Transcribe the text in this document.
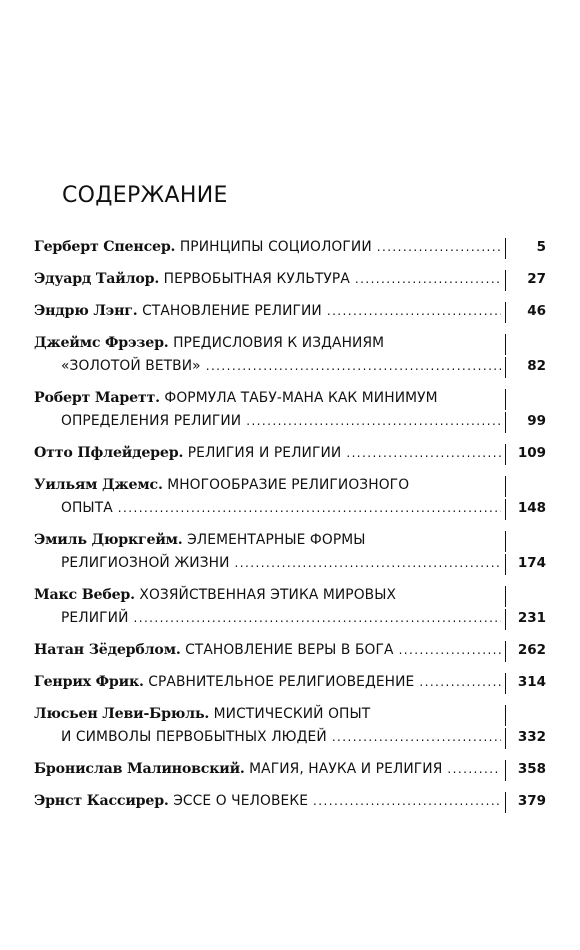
СОДЕРЖАНИЕ
Герберт Спенсер.
ПРИНЦИПЫ СОЦИОЛОГИИ . . .	5
Эдуард Тайлор.
ПЕРВОБЫТНАЯ КУЛЬТУРА . . .	27
Эндрю Лэнг.
СТАНОВЛЕНИЕ РЕЛИГИИ . . .	46
Джеймс Фрэзер.
ПРЕДИСЛОВИЯ К ИЗДАНИЯМ
«ЗОЛОТОЙ ВЕТВИ» . . .	82
Роберт Маретт.
ФОРМУЛА ТАБУ-МАНА КАК МИНИМУМ
ОПРЕДЕЛЕНИЯ РЕЛИГИИ . . .	99
Отто Пфлейдерер.
РЕЛИГИЯ И РЕЛИГИИ . . .	109
Уильям Джемс.
МНОГООБРАЗИЕ РЕЛИГИОЗНОГО
ОПЫТА . . .	148
Эмиль Дюркгейм.
ЭЛЕМЕНТАРНЫЕ ФОРМЫ
РЕЛИГИОЗНОЙ ЖИЗНИ . . .	174
Макс Вебер.
ХОЗЯЙСТВЕННАЯ ЭТИКА МИРОВЫХ
РЕЛИГИЙ . . .	231
Натан Зёдерблом.
СТАНОВЛЕНИЕ ВЕРЫ В БОГА . . .	262
Генрих Фрик.
СРАВНИТЕЛЬНОЕ РЕЛИГИОВЕДЕНИЕ . . .	314
Люсьен Леви-Брюль.
МИСТИЧЕСКИЙ ОПЫТ
И СИМВОЛЫ ПЕРВОБЫТНЫХ ЛЮДЕЙ . . .	332
Бронислав Малиновский.
МАГИЯ, НАУКА И РЕЛИГИЯ . . .	358
Эрнст Кассирер.
ЭССЕ О ЧЕЛОВЕКЕ . . .	379
